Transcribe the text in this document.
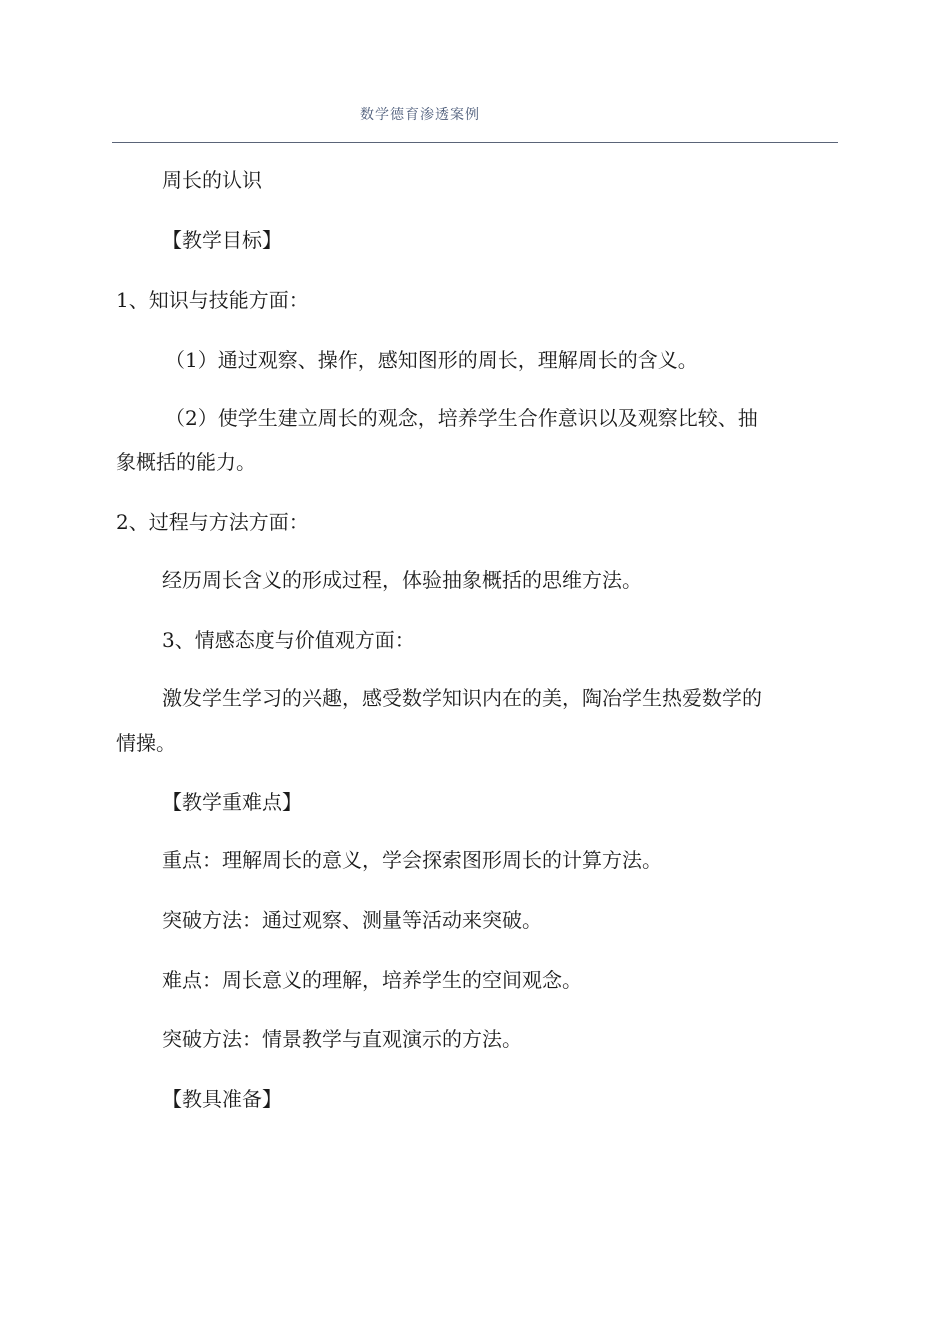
数学德育渗透案例
周长的认识
【教学目标】
1、知识与技能方面：
（1）通过观察、操作，感知图形的周长，理解周长的含义。
（2）使学生建立周长的观念，培养学生合作意识以及观察比较、抽
象概括的能力。
2、过程与方法方面：
经历周长含义的形成过程，体验抽象概括的思维方法。
3、情感态度与价值观方面：
激发学生学习的兴趣，感受数学知识内在的美，陶冶学生热爱数学的
情操。
【教学重难点】
重点：理解周长的意义，学会探索图形周长的计算方法。
突破方法：通过观察、测量等活动来突破。
难点：周长意义的理解，培养学生的空间观念。
突破方法：情景教学与直观演示的方法。
【教具准备】
